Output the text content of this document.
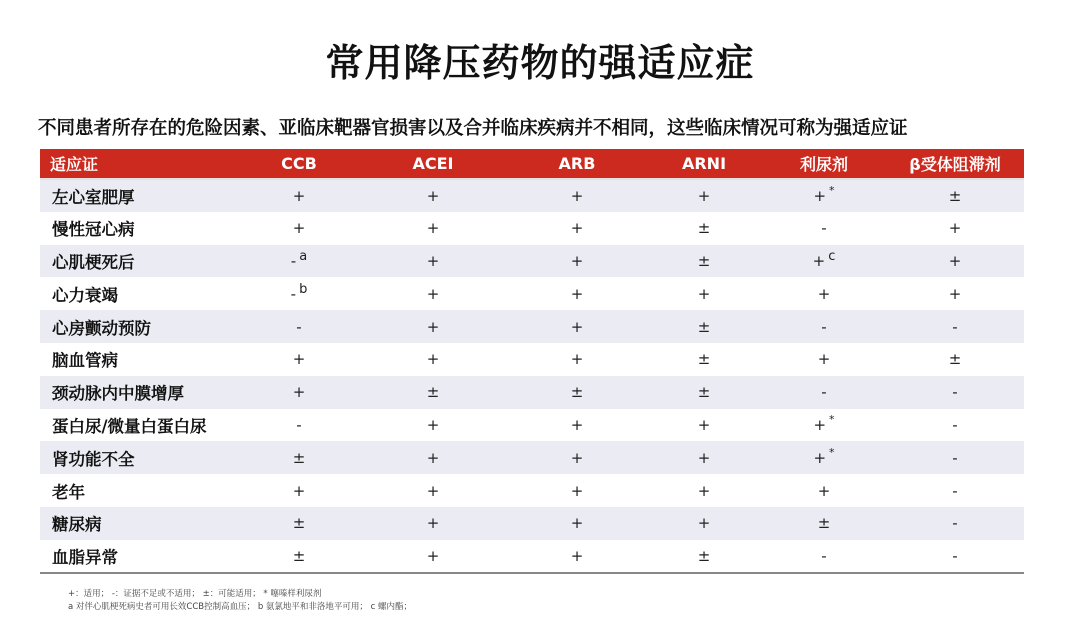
常用降压药物的强适应症
不同患者所存在的危险因素、亚临床靶器官损害以及合并临床疾病并不相同，这些临床情况可称为强适应证
适应证	CCB	ACEI	ARB	ARNI	利尿剂	β受体阻滞剂
左心室肥厚	+	+	+	+	+ *	±
慢性冠心病	+	+	+	±	-	+
心肌梗死后	- a	+	+	±	+ c	+
心力衰竭	- b	+	+	+	+	+
心房颤动预防	-	+	+	±	-	-
脑血管病	+	+	+	±	+	±
颈动脉内中膜增厚	+	±	±	±	-	-
蛋白尿/微量白蛋白尿	-	+	+	+	+ *	-
肾功能不全	±	+	+	+	+ *	-
老年	+	+	+	+	+	-
糖尿病	±	+	+	+	±	-
血脂异常	±	+	+	±	-	-
+：适用； -：证据不足或不适用； ±：可能适用； * 噻嗪样利尿剂
a 对伴心肌梗死病史者可用长效CCB控制高血压； b 氨氯地平和非洛地平可用； c 螺内酯；
